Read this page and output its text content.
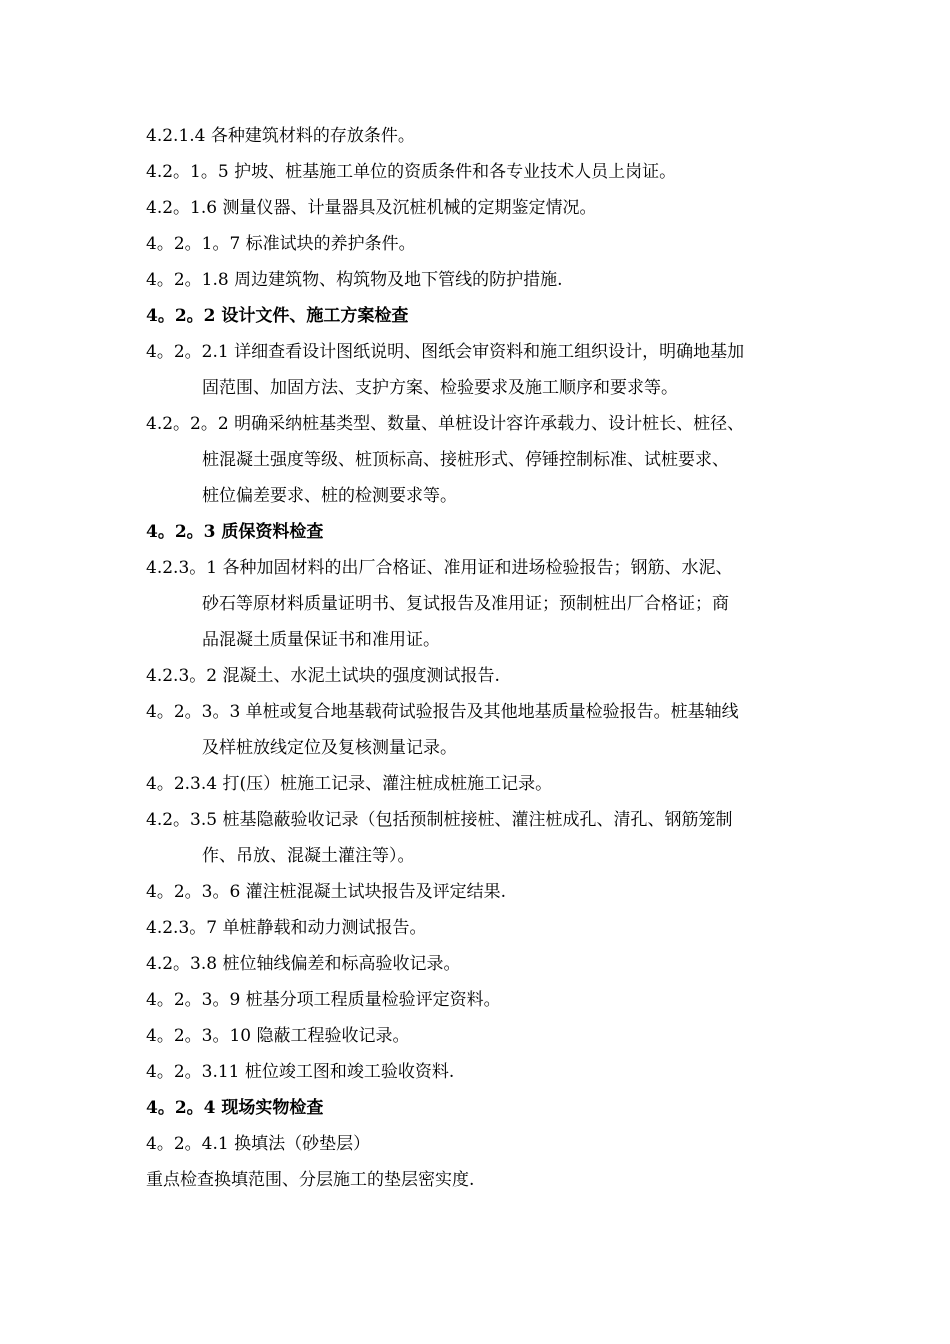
4.2.1.4 各种建筑材料的存放条件。
4.2。1。5 护坡、桩基施工单位的资质条件和各专业技术人员上岗证。
4.2。1.6 测量仪器、计量器具及沉桩机械的定期鉴定情况。
4。2。1。7 标准试块的养护条件。
4。2。1.8 周边建筑物、构筑物及地下管线的防护措施.
4。2。2 设计文件、施工方案检查
4。2。2.1 详细查看设计图纸说明、图纸会审资料和施工组织设计，明确地基加
固范围、加固方法、支护方案、检验要求及施工顺序和要求等。
4.2。2。2 明确采纳桩基类型、数量、单桩设计容许承载力、设计桩长、桩径、
桩混凝土强度等级、桩顶标高、接桩形式、停锤控制标准、试桩要求、
桩位偏差要求、桩的检测要求等。
4。2。3 质保资料检查
4.2.3。1 各种加固材料的出厂合格证、准用证和进场检验报告；钢筋、水泥、
砂石等原材料质量证明书、复试报告及准用证；预制桩出厂合格证；商
品混凝土质量保证书和准用证。
4.2.3。2 混凝土、水泥土试块的强度测试报告.
4。2。3。3 单桩或复合地基载荷试验报告及其他地基质量检验报告。桩基轴线
及样桩放线定位及复核测量记录。
4。2.3.4 打(压）桩施工记录、灌注桩成桩施工记录。
4.2。3.5 桩基隐蔽验收记录（包括预制桩接桩、灌注桩成孔、清孔、钢筋笼制
作、吊放、混凝土灌注等）。
4。2。3。6 灌注桩混凝土试块报告及评定结果.
4.2.3。7 单桩静载和动力测试报告。
4.2。3.8 桩位轴线偏差和标高验收记录。
4。2。3。9 桩基分项工程质量检验评定资料。
4。2。3。10 隐蔽工程验收记录。
4。2。3.11 桩位竣工图和竣工验收资料.
4。2。4 现场实物检查
4。2。4.1 换填法（砂垫层）
重点检查换填范围、分层施工的垫层密实度.
